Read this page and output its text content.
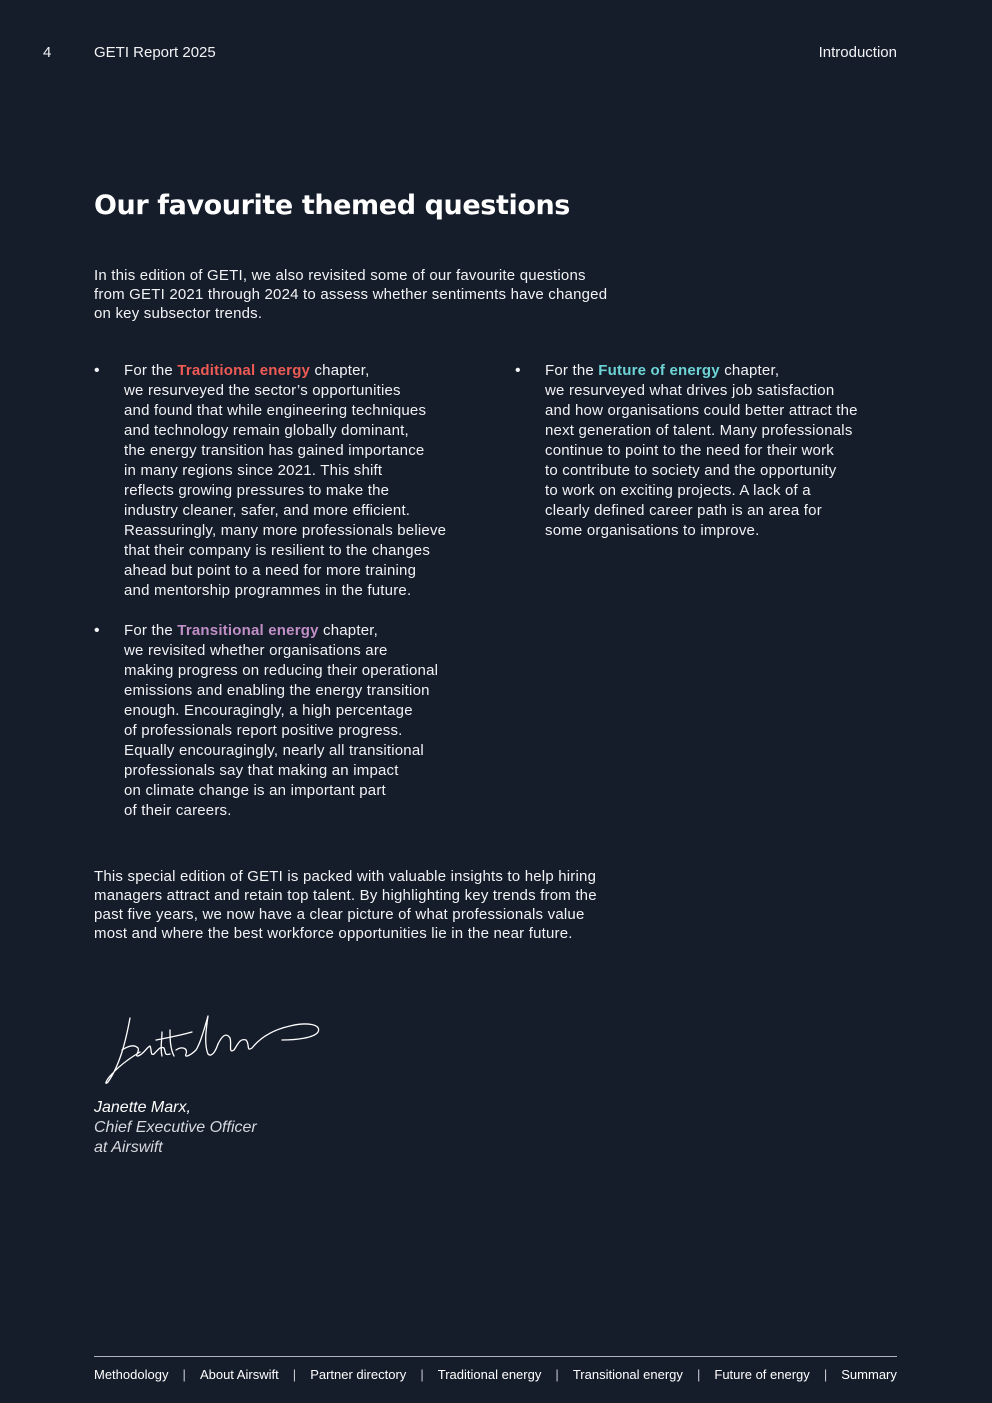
4	GETI Report 2025	Introduction
Our favourite themed questions

In this edition of GETI, we also revisited some of our favourite questions
from GETI 2021 through 2024 to assess whether sentiments have changed
on key subsector trends.

• For the Traditional energy chapter,
we resurveyed the sector’s opportunities
and found that while engineering techniques
and technology remain globally dominant,
the energy transition has gained importance
in many regions since 2021. This shift
reflects growing pressures to make the
industry cleaner, safer, and more efficient.
Reassuringly, many more professionals believe
that their company is resilient to the changes
ahead but point to a need for more training
and mentorship programmes in the future.
• For the Transitional energy chapter,
we revisited whether organisations are
making progress on reducing their operational
emissions and enabling the energy transition
enough. Encouragingly, a high percentage
of professionals report positive progress.
Equally encouragingly, nearly all transitional
professionals say that making an impact
on climate change is an important part
of their careers.
• For the Future of energy chapter,
we resurveyed what drives job satisfaction
and how organisations could better attract the
next generation of talent. Many professionals
continue to point to the need for their work
to contribute to society and the opportunity
to work on exciting projects. A lack of a
clearly defined career path is an area for
some organisations to improve.

This special edition of GETI is packed with valuable insights to help hiring
managers attract and retain top talent. By highlighting key trends from the
past five years, we now have a clear picture of what professionals value
most and where the best workforce opportunities lie in the near future.

Janette Marx,
Chief Executive Officer
at Airswift
Methodology | About Airswift | Partner directory | Traditional energy | Transitional energy | Future of energy | Summary
